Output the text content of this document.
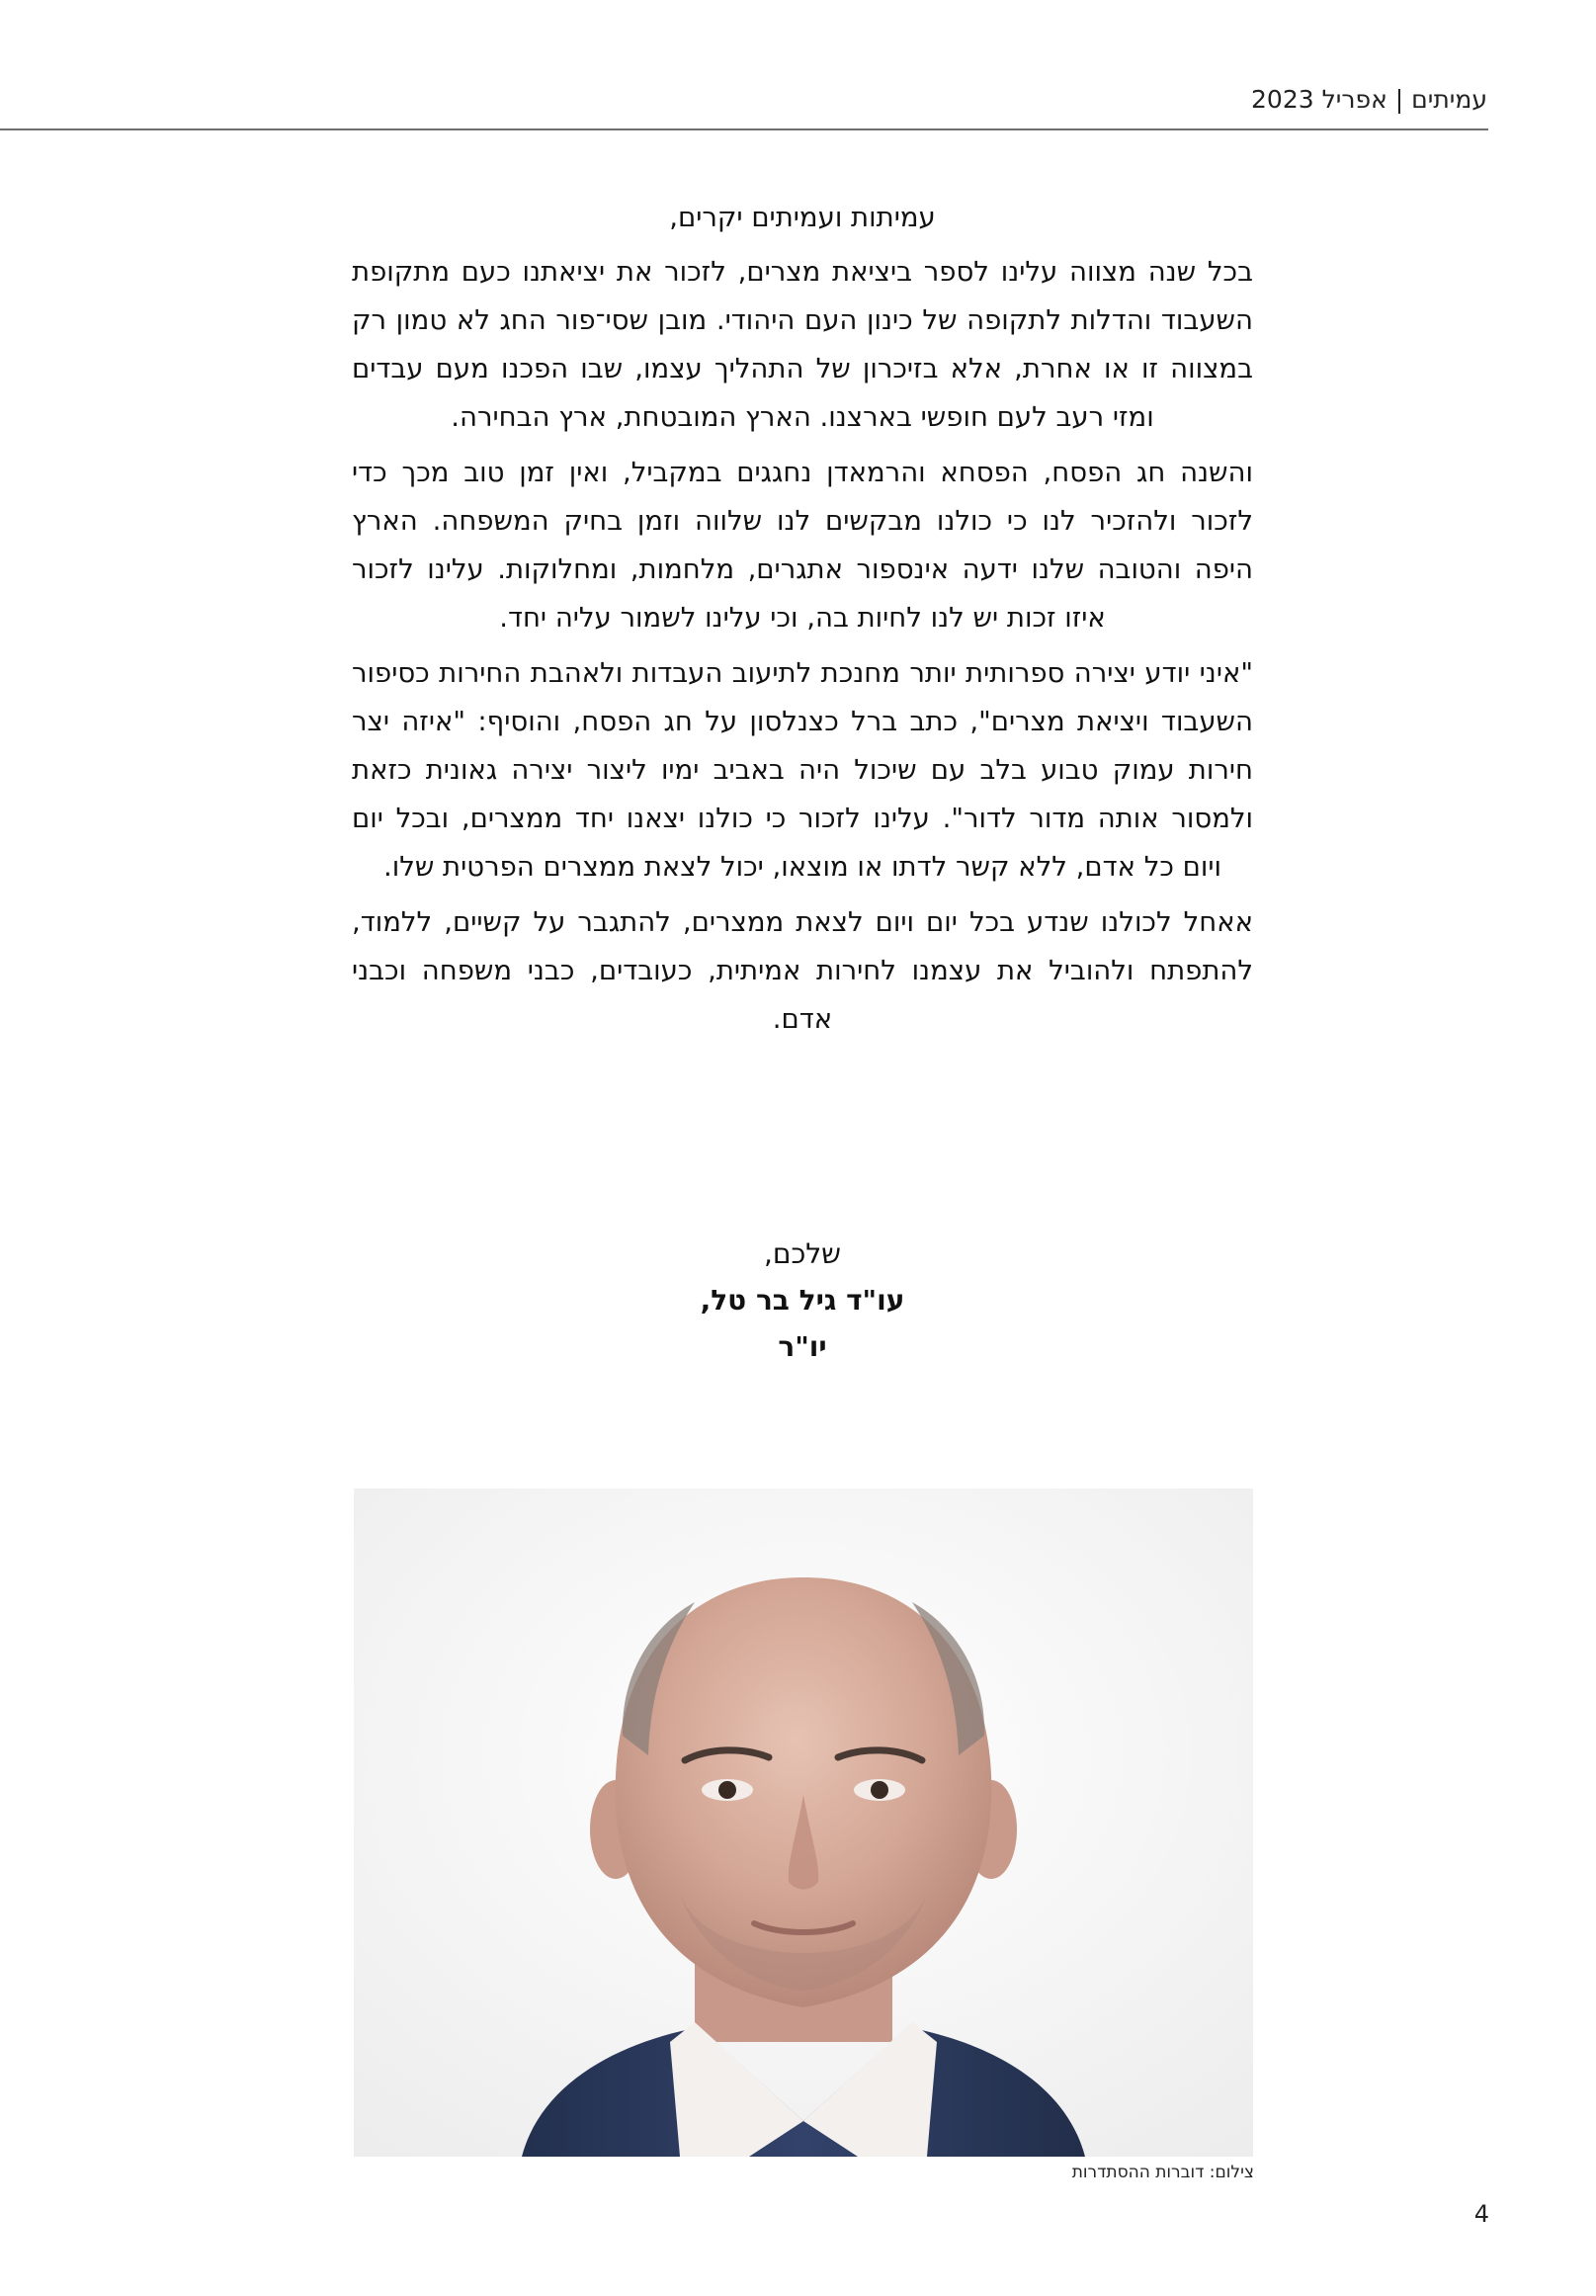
עמיתים | אפריל 2023

עמיתות ועמיתים יקרים,

בכל שנה מצווה עלינו לספר ביציאת מצרים, לזכור את יציאתנו כעם מתקופת השעבוד והדלות לתקופה של כינון העם היהודי. מובן שסי־פור החג לא טמון רק במצווה זו או אחרת, אלא בזיכרון של התהליך עצמו, שבו הפכנו מעם עבדים ומזי רעב לעם חופשי בארצנו. הארץ המובטחת, ארץ הבחירה.

והשנה חג הפסח, הפסחא והרמאדן נחגגים במקביל, ואין זמן טוב מכך כדי לזכור ולהזכיר לנו כי כולנו מבקשים לנו שלווה וזמן בחיק המשפחה. הארץ היפה והטובה שלנו ידעה אינספור אתגרים, מלחמות, ומחלוקות. עלינו לזכור איזו זכות יש לנו לחיות בה, וכי עלינו לשמור עליה יחד.

"איני יודע יצירה ספרותית יותר מחנכת לתיעוב העבדות ולאהבת החירות כסיפור השעבוד ויציאת מצרים", כתב ברל כצנלסון על חג הפסח, והוסיף: "איזה יצר חירות עמוק טבוע בלב עם שיכול היה באביב ימיו ליצור יצירה גאונית כזאת ולמסור אותה מדור לדור". עלינו לזכור כי כולנו יצאנו יחד ממצרים, ובכל יום ויום כל אדם, ללא קשר לדתו או מוצאו, יכול לצאת ממצרים הפרטית שלו.

אאחל לכולנו שנדע בכל יום ויום לצאת ממצרים, להתגבר על קשיים, ללמוד, להתפתח ולהוביל את עצמנו לחירות אמיתית, כעובדים, כבני משפחה וכבני אדם.

שלכם,
עו"ד גיל בר טל,
יו"ר
צילום: דוברות ההסתדרות
4
